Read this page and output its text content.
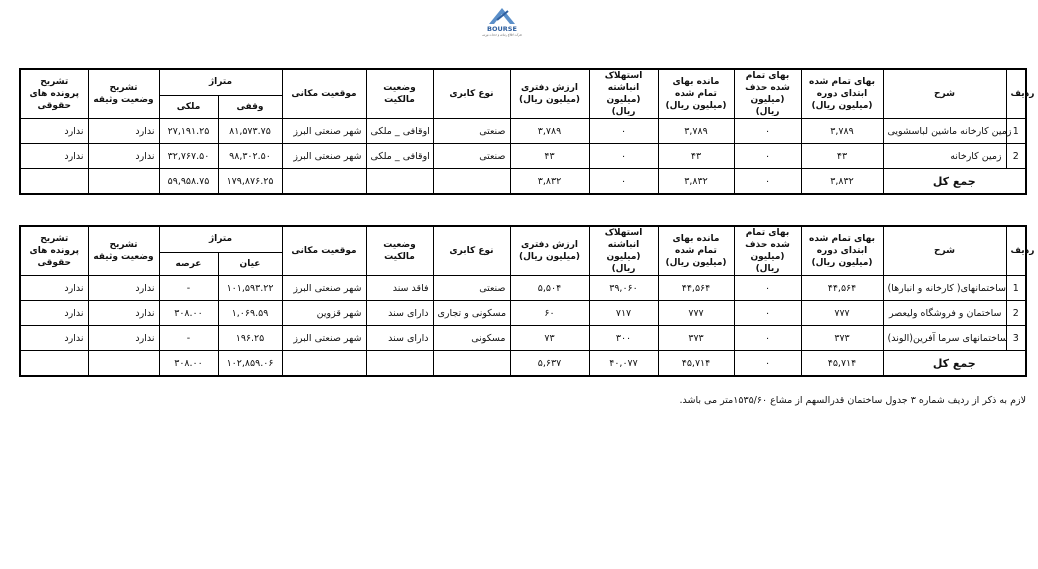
BOURSE
شرکت اطلاع رسانی و خدمات بورس
تشریح پرونده های حقوقی	تشریح وضعیت وثیقه	متراژ		موقعیت مکانی	وضعیت مالکیت	نوع کابری	ارزش دفتری (میلیون ریال)	استهلاک انباشته (میلیون ریال)	مانده بهای تمام شده (میلیون ریال)	بهای تمام شده حذف (میلیون ریال)	بهای تمام شده ابتدای دوره (میلیون ریال)	شرح	ردیف
		ملکی	وقفی										
ندارد	ندارد	۲۷,۱۹۱.۲۵	۸۱,۵۷۳.۷۵	شهر صنعتی البرز	اوقافی _ ملکی	صنعتی	۳,۷۸۹	۰	۳,۷۸۹	۰	۳,۷۸۹	زمین کارخانه ماشین لباسشویی	1
ندارد	ندارد	۳۲,۷۶۷.۵۰	۹۸,۳۰۲.۵۰	شهر صنعتی البرز	اوقافی _ ملکی	صنعتی	۴۳	۰	۴۳	۰	۴۳	زمین کارخانه	2
		۵۹,۹۵۸.۷۵	۱۷۹,۸۷۶.۲۵				۳,۸۳۲	۰	۳,۸۳۲	۰	۳,۸۳۲	جمع کل	
تشریح پرونده های حقوقی	تشریح وضعیت وثیقه	متراژ		موقعیت مکانی	وضعیت مالکیت	نوع کابری	ارزش دفتری (میلیون ریال)	استهلاک انباشته (میلیون ریال)	مانده بهای تمام شده (میلیون ریال)	بهای تمام شده حذف (میلیون ریال)	بهای تمام شده ابتدای دوره (میلیون ریال)	شرح	ردیف
		عرصه	عیان										
ندارد	ندارد	-	۱۰۱,۵۹۳.۲۲	شهر صنعتی البرز	فاقد سند	صنعتی	۵,۵۰۴	۳۹,۰۶۰	۴۴,۵۶۴	۰	۴۴,۵۶۴	ساختمانهای( کارخانه و انبارها)	1
ندارد	ندارد	۳۰۸.۰۰	۱,۰۶۹.۵۹	شهر قزوین	دارای سند	مسکونی و تجاری	۶۰	۷۱۷	۷۷۷	۰	۷۷۷	ساختمان و فروشگاه ولیعصر	2
ندارد	ندارد	-	۱۹۶.۲۵	شهر صنعتی البرز	دارای سند	مسکونی	۷۳	۳۰۰	۳۷۳	۰	۳۷۳	ساختمانهای سرما آفرین(الوند)	3
		۳۰۸.۰۰	۱۰۲,۸۵۹.۰۶				۵,۶۳۷	۴۰,۰۷۷	۴۵,۷۱۴	۰	۴۵,۷۱۴	جمع کل	
لازم به ذکر از ردیف شماره ۳ جدول ساختمان قدرالسهم از مشاع ۱۵۳۵/۶۰متر می باشد.
